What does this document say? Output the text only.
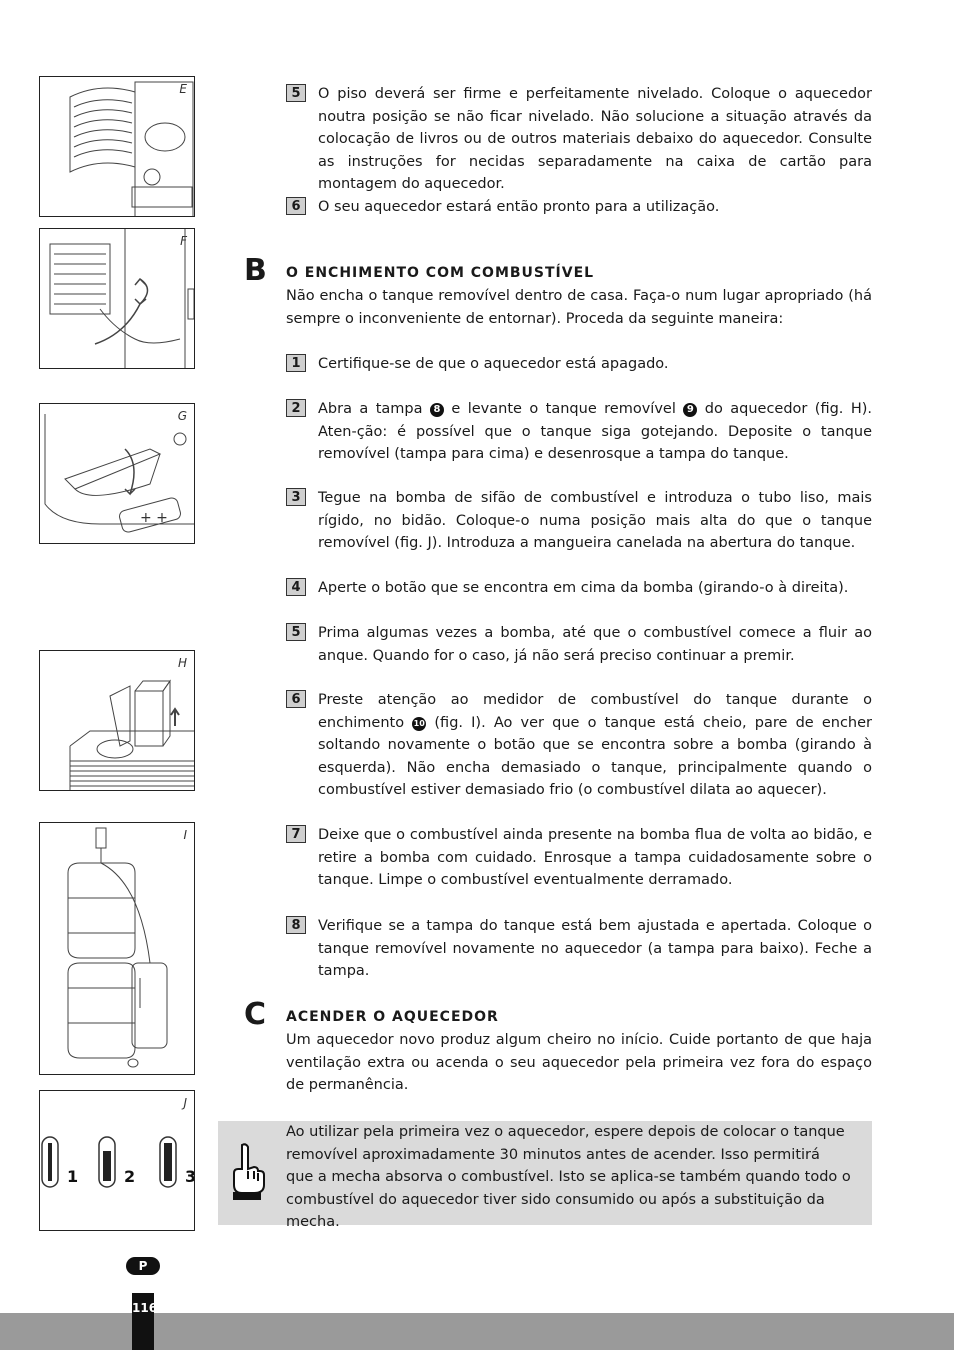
E
F
G
+ +
H
I
J
1	2	3
5	O piso deverá ser firme e perfeitamente nivelado. Coloque o aquecedor noutra posição se não ficar nivelado. Não solucione a situação através da colocação de livros ou de outros materiais debaixo do aquecedor. Consulte as instruções for necidas separadamente na caixa de cartão para montagem do aquecedor.
6	O seu aquecedor estará então pronto para a utilização.
B O ENCHIMENTO COM COMBUSTÍVEL
Não encha o tanque removível dentro de casa. Faça-o num lugar apropriado (há sempre o inconveniente de entornar). Proceda da seguinte maneira:
1	Certifique-se de que o aquecedor está apagado.
2	Abra a tampa 8 e levante o tanque removível 9 do aquecedor (fig. H). Aten-ção: é possível que o tanque siga gotejando. Deposite o tanque removível (tampa para cima) e desenrosque a tampa do tanque.
3	Tegue na bomba de sifão de combustível e introduza o tubo liso, mais rígido, no bidão. Coloque-o numa posição mais alta do que o tanque removível (fig. J). Introduza a mangueira canelada na abertura do tanque.
4	Aperte o botão que se encontra em cima da bomba (girando-o à direita).
5	Prima algumas vezes a bomba, até que o combustível comece a fluir ao anque. Quando for o caso, já não será preciso continuar a premir.
6	Preste atenção ao medidor de combustível do tanque durante o enchimento 10 (fig. I). Ao ver que o tanque está cheio, pare de encher soltando novamente o botão que se encontra sobre a bomba (girando à esquerda). Não encha demasiado o tanque, principalmente quando o combustível estiver demasiado frio (o combustível dilata ao aquecer).
7	Deixe que o combustível ainda presente na bomba flua de volta ao bidão, e retire a bomba com cuidado. Enrosque a tampa cuidadosamente sobre o tanque. Limpe o combustível eventualmente derramado.
8	Verifique se a tampa do tanque está bem ajustada e apertada. Coloque o tanque removível novamente no aquecedor (a tampa para baixo). Feche a tampa.
C ACENDER O AQUECEDOR
Um aquecedor novo produz algum cheiro no início. Cuide portanto de que haja ventilação extra ou acenda o seu aquecedor pela primeira vez fora do espaço de permanência.
Ao utilizar pela primeira vez o aquecedor, espere depois de colocar o tanque
removível aproximadamente 30 minutos antes de acender. Isso permitirá
que a mecha absorva o combustível. Isto se aplica-se também quando todo o
combustível do aquecedor tiver sido consumido ou após a substituição da mecha.
P
116
